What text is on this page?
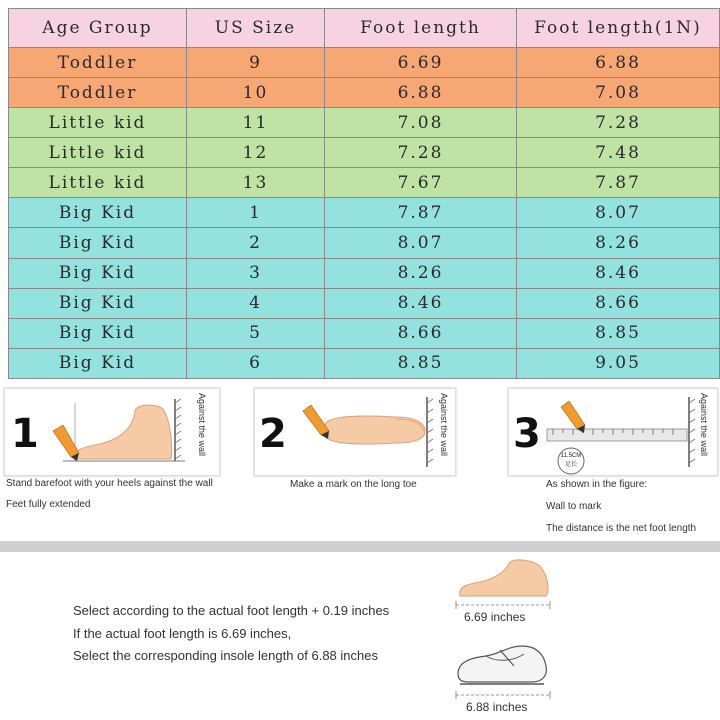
Age Group	US Size	Foot length	Foot length(1N)
Toddler	9	6.69	6.88
Toddler	10	6.88	7.08
Little kid	11	7.08	7.28
Little kid	12	7.28	7.48
Little kid	13	7.67	7.87
Big Kid	1	7.87	8.07
Big Kid	2	8.07	8.26
Big Kid	3	8.26	8.46
Big Kid	4	8.46	8.66
Big Kid	5	8.66	8.85
Big Kid	6	8.85	9.05
1	Against the wall
Stand barefoot with your heels against the wall
Feet fully extended
2	Against the wall
Make a mark on the long toe
3	11.5CM
足长
Against the wall
As shown in the figure:
Wall to mark
The distance is the net foot length
Select according to the actual foot length + 0.19 inches
If the actual foot length is 6.69 inches,
Select the corresponding insole length of 6.88 inches
6.69 inches
6.88 inches
